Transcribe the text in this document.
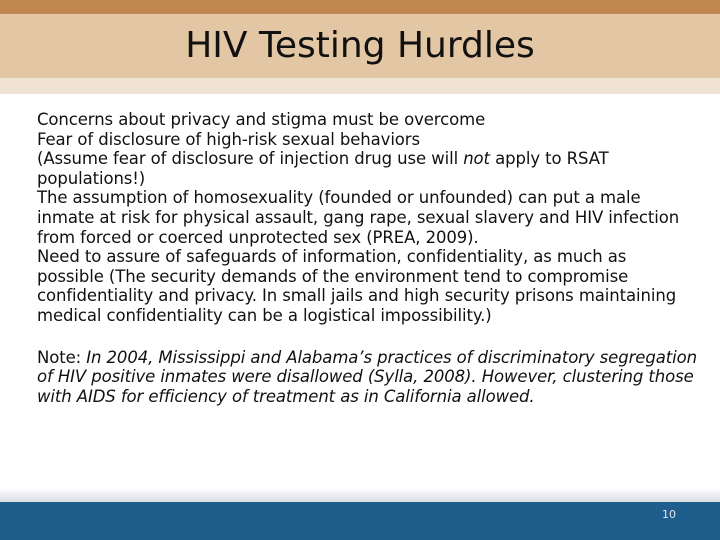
HIV Testing Hurdles

Concerns about privacy and stigma must be overcome

Fear of disclosure of high-risk sexual behaviors

(Assume fear of disclosure of injection drug use will not apply to RSAT populations!)

The assumption of homosexuality (founded or unfounded) can put a male inmate at risk for physical assault, gang rape, sexual slavery and HIV infection from forced or coerced unprotected sex (PREA, 2009).

Need to assure of safeguards of information, confidentiality, as much as possible (The security demands of the environment tend to compromise confidentiality and privacy. In small jails and high security prisons maintaining medical confidentiality can be a logistical impossibility.)

Note: In 2004, Mississippi and Alabama’s practices of discriminatory segregation of HIV positive inmates were disallowed (Sylla, 2008). However, clustering those with AIDS for efficiency of treatment as in California allowed.

10
